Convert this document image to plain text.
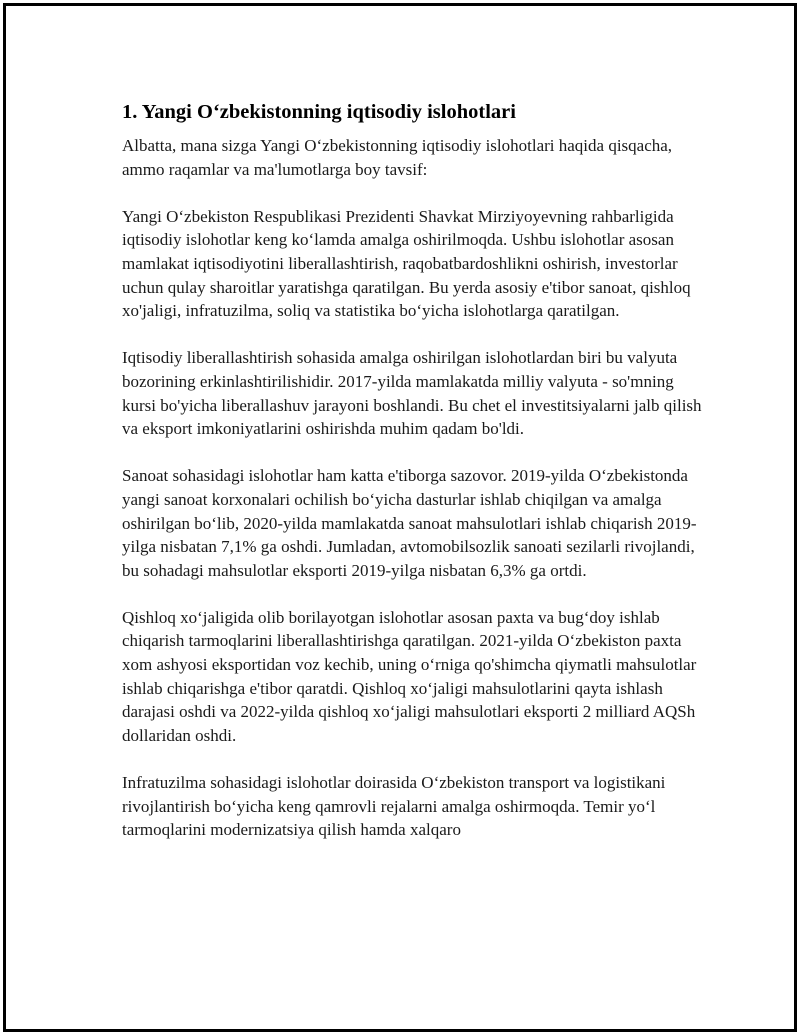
1. Yangi O‘zbekistonning iqtisodiy islohotlari

Albatta, mana sizga Yangi O‘zbekistonning iqtisodiy islohotlari haqida qisqacha, ammo raqamlar va ma'lumotlarga boy tavsif:

Yangi O‘zbekiston Respublikasi Prezidenti Shavkat Mirziyoyevning rahbarligida iqtisodiy islohotlar keng ko‘lamda amalga oshirilmoqda. Ushbu islohotlar asosan mamlakat iqtisodiyotini liberallashtirish, raqobatbardoshlikni oshirish, investorlar uchun qulay sharoitlar yaratishga qaratilgan. Bu yerda asosiy e'tibor sanoat, qishloq xo'jaligi, infratuzilma, soliq va statistika bo‘yicha islohotlarga qaratilgan.

Iqtisodiy liberallashtirish sohasida amalga oshirilgan islohotlardan biri bu valyuta bozorining erkinlashtirilishidir. 2017-yilda mamlakatda milliy valyuta - so'mning kursi bo'yicha liberallashuv jarayoni boshlandi. Bu chet el investitsiyalarni jalb qilish va eksport imkoniyatlarini oshirishda muhim qadam bo'ldi.

Sanoat sohasidagi islohotlar ham katta e'tiborga sazovor. 2019-yilda O‘zbekistonda yangi sanoat korxonalari ochilish bo‘yicha dasturlar ishlab chiqilgan va amalga oshirilgan bo‘lib, 2020-yilda mamlakatda sanoat mahsulotlari ishlab chiqarish 2019-yilga nisbatan 7,1% ga oshdi. Jumladan, avtomobilsozlik sanoati sezilarli rivojlandi, bu sohadagi mahsulotlar eksporti 2019-yilga nisbatan 6,3% ga ortdi.

Qishloq xo‘jaligida olib borilayotgan islohotlar asosan paxta va bug‘doy ishlab chiqarish tarmoqlarini liberallashtirishga qaratilgan. 2021-yilda O‘zbekiston paxta xom ashyosi eksportidan voz kechib, uning o‘rniga qo'shimcha qiymatli mahsulotlar ishlab chiqarishga e'tibor qaratdi. Qishloq xo‘jaligi mahsulotlarini qayta ishlash darajasi oshdi va 2022-yilda qishloq xo‘jaligi mahsulotlari eksporti 2 milliard AQSh dollaridan oshdi.

Infratuzilma sohasidagi islohotlar doirasida O‘zbekiston transport va logistikani rivojlantirish bo‘yicha keng qamrovli rejalarni amalga oshirmoqda. Temir yo‘l tarmoqlarini modernizatsiya qilish hamda xalqaro
